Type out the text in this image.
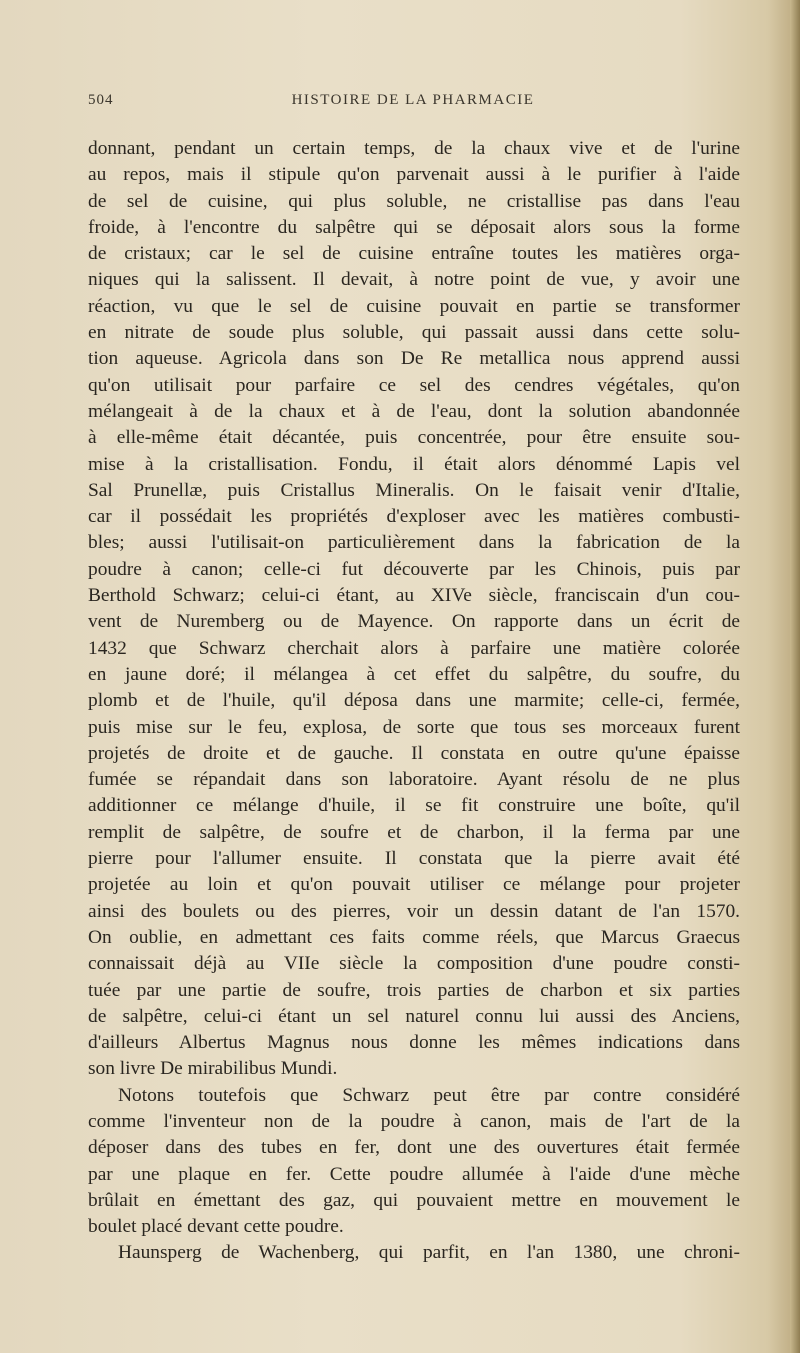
504	HISTOIRE DE LA PHARMACIE
donnant, pendant un certain temps, de la chaux vive et de l'urine
au repos, mais il stipule qu'on parvenait aussi à le purifier à l'aide
de sel de cuisine, qui plus soluble, ne cristallise pas dans l'eau
froide, à l'encontre du salpêtre qui se déposait alors sous la forme
de cristaux; car le sel de cuisine entraîne toutes les matières orga-
niques qui la salissent. Il devait, à notre point de vue, y avoir une
réaction, vu que le sel de cuisine pouvait en partie se transformer
en nitrate de soude plus soluble, qui passait aussi dans cette solu-
tion aqueuse. Agricola dans son De Re metallica nous apprend aussi
qu'on utilisait pour parfaire ce sel des cendres végétales, qu'on
mélangeait à de la chaux et à de l'eau, dont la solution abandonnée
à elle-même était décantée, puis concentrée, pour être ensuite sou-
mise à la cristallisation. Fondu, il était alors dénommé Lapis vel
Sal Prunellæ, puis Cristallus Mineralis. On le faisait venir d'Italie,
car il possédait les propriétés d'exploser avec les matières combusti-
bles; aussi l'utilisait-on particulièrement dans la fabrication de la
poudre à canon; celle-ci fut découverte par les Chinois, puis par
Berthold Schwarz; celui-ci étant, au XIVe siècle, franciscain d'un cou-
vent de Nuremberg ou de Mayence. On rapporte dans un écrit de
1432 que Schwarz cherchait alors à parfaire une matière colorée
en jaune doré; il mélangea à cet effet du salpêtre, du soufre, du
plomb et de l'huile, qu'il déposa dans une marmite; celle-ci, fermée,
puis mise sur le feu, explosa, de sorte que tous ses morceaux furent
projetés de droite et de gauche. Il constata en outre qu'une épaisse
fumée se répandait dans son laboratoire. Ayant résolu de ne plus
additionner ce mélange d'huile, il se fit construire une boîte, qu'il
remplit de salpêtre, de soufre et de charbon, il la ferma par une
pierre pour l'allumer ensuite. Il constata que la pierre avait été
projetée au loin et qu'on pouvait utiliser ce mélange pour projeter
ainsi des boulets ou des pierres, voir un dessin datant de l'an 1570.
On oublie, en admettant ces faits comme réels, que Marcus Graecus
connaissait déjà au VIIe siècle la composition d'une poudre consti-
tuée par une partie de soufre, trois parties de charbon et six parties
de salpêtre, celui-ci étant un sel naturel connu lui aussi des Anciens,
d'ailleurs Albertus Magnus nous donne les mêmes indications dans
son livre De mirabilibus Mundi.
Notons toutefois que Schwarz peut être par contre considéré
comme l'inventeur non de la poudre à canon, mais de l'art de la
déposer dans des tubes en fer, dont une des ouvertures était fermée
par une plaque en fer. Cette poudre allumée à l'aide d'une mèche
brûlait en émettant des gaz, qui pouvaient mettre en mouvement le
boulet placé devant cette poudre.
Haunsperg de Wachenberg, qui parfit, en l'an 1380, une chroni-
